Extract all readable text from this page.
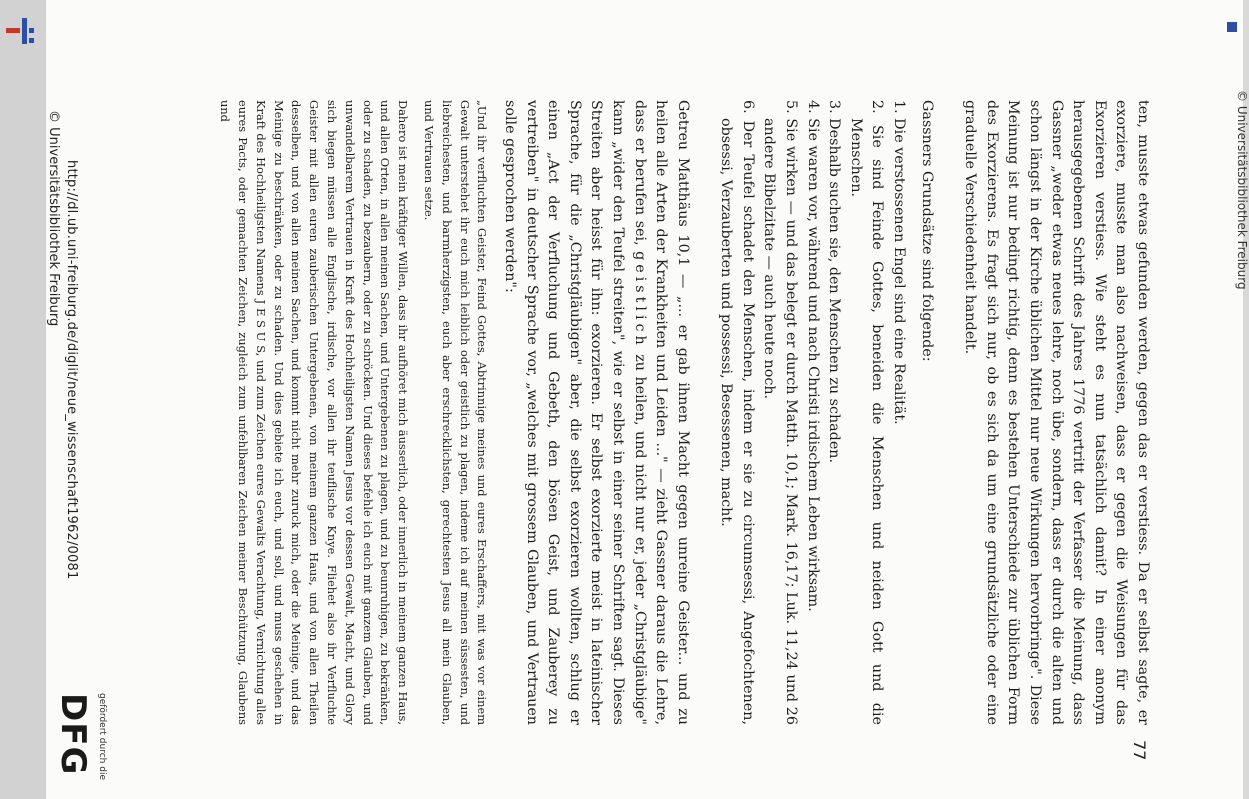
© Universitätsbibliothek Freiburg
77

ten, musste etwas gefunden werden, gegen das er verstiess. Da er selbst sagte, er exorziere, musste man also nachweisen, dass er gegen die Weisungen für das Exorzieren verstiess. Wie steht es nun tatsächlich damit? In einer anonym herausgegebenen Schrift des Jahres 1776 vertritt der Verfasser die Meinung, dass Gassner „weder etwas neues lehre, noch übe, sondern, dass er durch die alten und schon längst in der Kirche üblichen Mittel nur neue Wirkungen hervorbringe". Diese Meinung ist nur bedingt richtig, denn es bestehen Unterschiede zur üblichen Form des Exorzierens. Es fragt sich nur, ob es sich da um eine grundsätzliche oder eine graduelle Verschiedenheit handelt.

Gassners Grundsätze sind folgende:

1. Die verstossenen Engel sind eine Realität.
2. Sie sind Feinde Gottes, beneiden die Menschen und neiden Gott und die Menschen.
3. Deshalb suchen sie, den Menschen zu schaden.
4. Sie waren vor, während und nach Christi irdischem Leben wirksam.
5. Sie wirken — und das belegt er durch Matth. 10,1; Mark. 16,17; Luk. 11,24 und 26 andere Bibelzitate — auch heute noch.
6. Der Teufel schadet den Menschen, indem er sie zu circumsessi, Angefochtenen, obsessi, Verzauberten und possessi, Besessenen, macht.

Getreu Matthäus 10,1 — „... er gab ihnen Macht gegen unreine Geister... und zu heilen alle Arten der Krankheiten und Leiden ..." — zieht Gassner daraus die Lehre, dass er berufen sei, geistlich zu heilen, und nicht nur er, jeder „Christgläubige" kann „wider den Teufel streiten", wie er selbst in einer seiner Schriften sagt. Dieses Streiten aber heisst für ihn: exorzieren. Er selbst exorzierte meist in lateinischer Sprache, für die „Christgläubigen" aber, die selbst exorzieren wollten, schlug er einen „Act der Verfluchung und Gebeth, den bösen Geist, und Zauberey zu vertreiben" in deutscher Sprache vor, „welches mit grossem Glauben, und Vertrauen solle gesprochen werden":

„Und ihr verfluchten Geister, Feind Gottes, Abtrinnige meines und eures Erschaffers, mit was vor einem Gewalt unterstehet ihr euch mich leiblich oder geistlich zu plagen, indeme ich auf meinen süssesten, und liebreichesten, und barmherzigsten, euch aber erschrecklichsten, gerechtesten Jesus all mein Glauben, und Vertrauen setze.

Dahero ist mein kräftiger Willen, dass ihr aufhöret mich äusserlich, oder innerlich in meinem ganzen Haus, und allen Orten, in allen meinen Sachen, und Untergebenen zu plagen, und zu beunruhigen, zu bekränken, oder zu schaden, zu bezaubern, oder zu schröcken. Und dieses befehle ich euch mit ganzem Glauben, und unwandelbarem Vertrauen in Kraft des Hochheiligsten Namen Jesus vor dessen Gewalt, Macht, und Glory sich biegen müssen alle Englische, irdische, vor allen ihr teuflische Knye. Fliehet also ihr Verfluchte Geister mit allen euren zauberischen Untergebenen, von meinem ganzen Haus, und von allen Theilen desselben, und von allen meinen Sachen, und kommt nicht mehr zuruck mich, oder die Meinige, und das Meinige zu beschränken, oder zu schaden. Und dies gebiete ich euch, und soll, und muss geschehen in Kraft des Hochheiligsten Namens J E S U S, und zum Zeichen eures Gewalts Verachtung, Vernichtung alles eures Pacts, oder gemachten Zeichen, zugleich zum unfehlbaren Zeichen meiner Beschützung, Glaubens und

http://dl.ub.uni-freiburg.de/diglit/neue_wissenschaft1962/0081
© Universitätsbibliothek Freiburg
gefördert durch die
DFG
